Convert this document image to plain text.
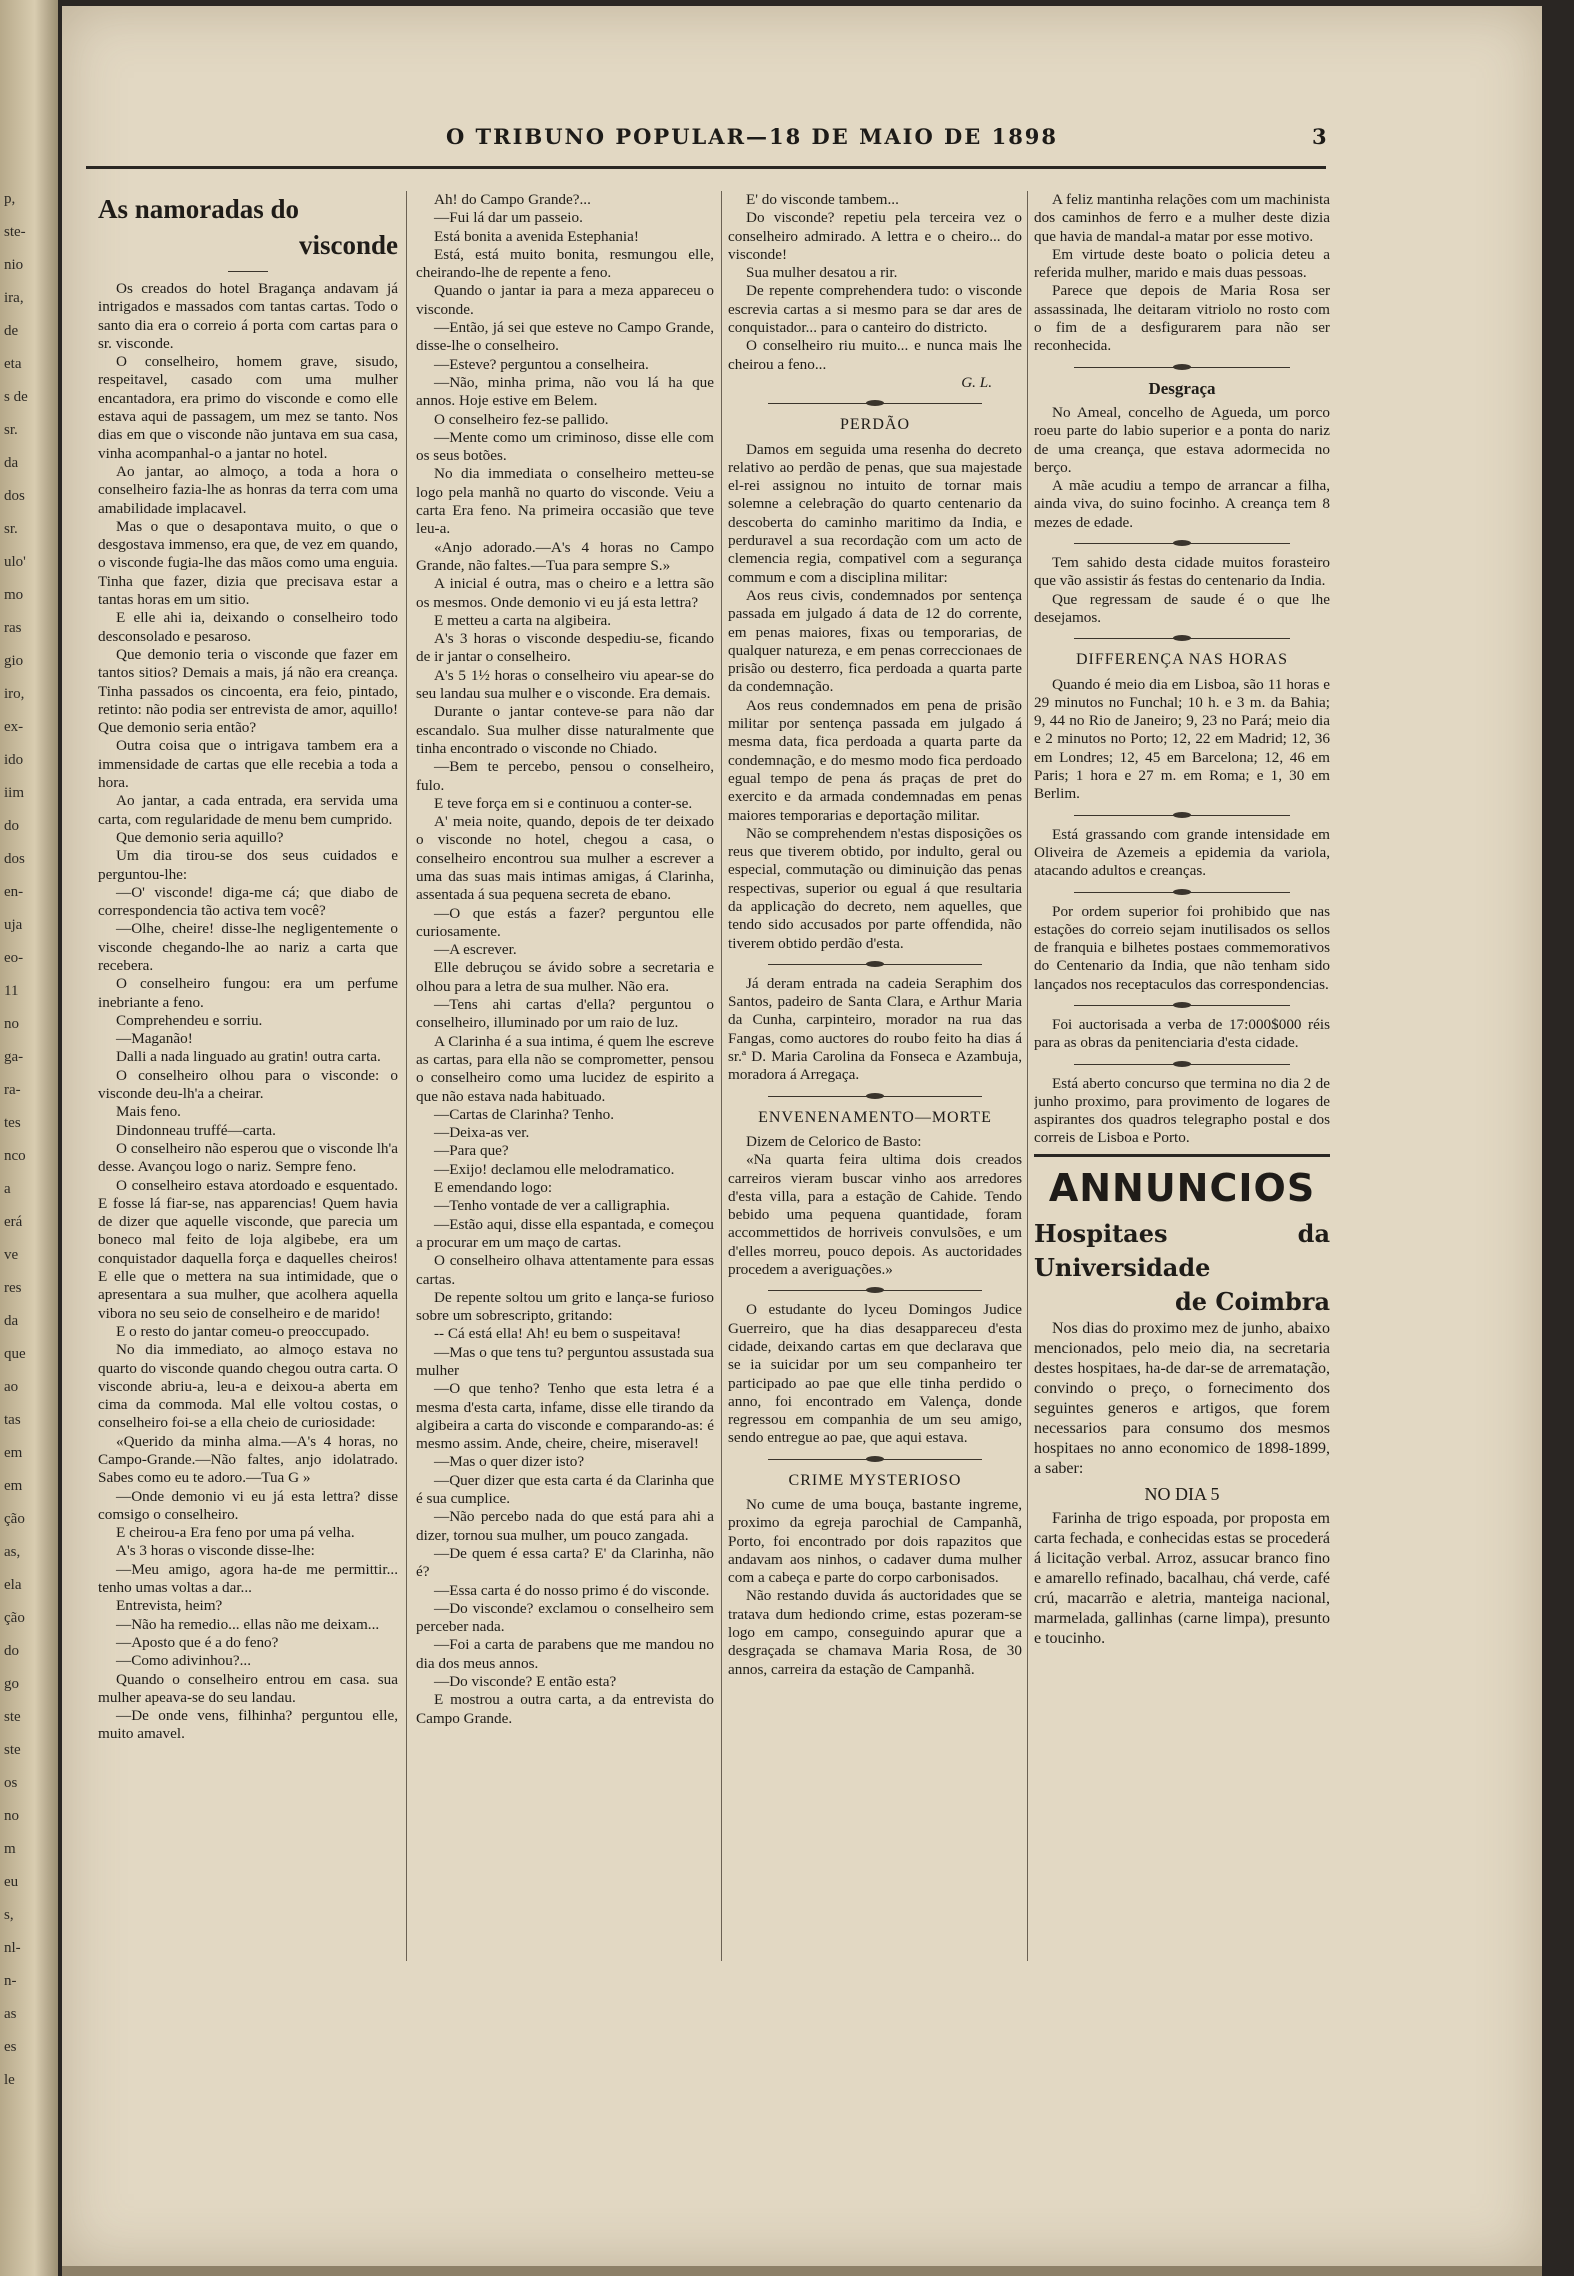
p,
ste-
nio
ira,
de
eta
s de
sr.
da
dos
sr.
ulo'
mo
ras
gio
iro,
ex-
ido
iim
do
dos
en-
uja
eo-
11
no
ga-
ra-
tes
nco
a
erá
ve
res
da
que
ao
tas
em
em
ção
as,
ela
ção
do
go
ste
ste
os
no
m
eu
s,
nl-
n-
as
es
le
O TRIBUNO POPULAR—18 DE MAIO DE 1898	3

As namoradas do

visconde

Os creados do hotel Bragança andavam já intrigados e massados com tantas cartas. Todo o santo dia era o correio á porta com cartas para o sr. visconde.

O conselheiro, homem grave, sisudo, respeitavel, casado com uma mulher encantadora, era primo do visconde e como elle estava aqui de passagem, um mez se tanto. Nos dias em que o visconde não juntava em sua casa, vinha acompanhal-o a jantar no hotel.

Ao jantar, ao almoço, a toda a hora o conselheiro fazia-lhe as honras da terra com uma amabilidade implacavel.

Mas o que o desapontava muito, o que o desgostava immenso, era que, de vez em quando, o visconde fugia-lhe das mãos como uma enguia. Tinha que fazer, dizia que precisava estar a tantas horas em um sitio.

E elle ahi ia, deixando o conselheiro todo desconsolado e pesaroso.

Que demonio teria o visconde que fazer em tantos sitios? Demais a mais, já não era creança. Tinha passados os cincoenta, era feio, pintado, retinto: não podia ser entrevista de amor, aquillo! Que demonio seria então?

Outra coisa que o intrigava tambem era a immensidade de cartas que elle recebia a toda a hora.

Ao jantar, a cada entrada, era servida uma carta, com regularidade de menu bem cumprido.

Que demonio seria aquillo?

Um dia tirou-se dos seus cuidados e perguntou-lhe:

—O' visconde! diga-me cá; que diabo de correspondencia tão activa tem você?

—Olhe, cheire! disse-lhe negligentemente o visconde chegando-lhe ao nariz a carta que recebera.

O conselheiro fungou: era um perfume inebriante a feno.

Comprehendeu e sorriu.

—Maganão!

Dalli a nada linguado au gratin! outra carta.

O conselheiro olhou para o visconde: o visconde deu-lh'a a cheirar.

Mais feno.

Dindonneau truffé—carta.

O conselheiro não esperou que o visconde lh'a desse. Avançou logo o nariz. Sempre feno.

O conselheiro estava atordoado e esquentado. E fosse lá fiar-se, nas apparencias! Quem havia de dizer que aquelle visconde, que parecia um boneco mal feito de loja algibebe, era um conquistador daquella força e daquelles cheiros! E elle que o mettera na sua intimidade, que o apresentara a sua mulher, que acolhera aquella vibora no seu seio de conselheiro e de marido!

E o resto do jantar comeu-o preoccupado.

No dia immediato, ao almoço estava no quarto do visconde quando chegou outra carta. O visconde abriu-a, leu-a e deixou-a aberta em cima da commoda. Mal elle voltou costas, o conselheiro foi-se a ella cheio de curiosidade:

«Querido da minha alma.—A's 4 horas, no Campo-Grande.—Não faltes, anjo idolatrado. Sabes como eu te adoro.—Tua G »

—Onde demonio vi eu já esta lettra? disse comsigo o conselheiro.

E cheirou-a Era feno por uma pá velha.

A's 3 horas o visconde disse-lhe:

—Meu amigo, agora ha-de me permittir... tenho umas voltas a dar...

Entrevista, heim?

—Não ha remedio... ellas não me deixam...

—Aposto que é a do feno?

—Como adivinhou?...

Quando o conselheiro entrou em casa. sua mulher apeava-se do seu landau.

—De onde vens, filhinha? perguntou elle, muito amavel.

Ah! do Campo Grande?...

—Fui lá dar um passeio.

Está bonita a avenida Estephania!

Está, está muito bonita, resmungou elle, cheirando-lhe de repente a feno.

Quando o jantar ia para a meza appareceu o visconde.

—Então, já sei que esteve no Campo Grande, disse-lhe o conselheiro.

—Esteve? perguntou a conselheira.

—Não, minha prima, não vou lá ha que annos. Hoje estive em Belem.

O conselheiro fez-se pallido.

—Mente como um criminoso, disse elle com os seus botões.

No dia immediata o conselheiro metteu-se logo pela manhã no quarto do visconde. Veiu a carta Era feno. Na primeira occasião que teve leu-a.

«Anjo adorado.—A's 4 horas no Campo Grande, não faltes.—Tua para sempre S.»

A inicial é outra, mas o cheiro e a lettra são os mesmos. Onde demonio vi eu já esta lettra?

E metteu a carta na algibeira.

A's 3 horas o visconde despediu-se, ficando de ir jantar o conselheiro.

A's 5 1½ horas o conselheiro viu apear-se do seu landau sua mulher e o visconde. Era demais.

Durante o jantar conteve-se para não dar escandalo. Sua mulher disse naturalmente que tinha encontrado o visconde no Chiado.

—Bem te percebo, pensou o conselheiro, fulo.

E teve força em si e continuou a conter-se.

A' meia noite, quando, depois de ter deixado o visconde no hotel, chegou a casa, o conselheiro encontrou sua mulher a escrever a uma das suas mais intimas amigas, á Clarinha, assentada á sua pequena secreta de ebano.

—O que estás a fazer? perguntou elle curiosamente.

—A escrever.

Elle debruçou se ávido sobre a secretaria e olhou para a letra de sua mulher. Não era.

—Tens ahi cartas d'ella? perguntou o conselheiro, illuminado por um raio de luz.

A Clarinha é a sua intima, é quem lhe escreve as cartas, para ella não se comprometter, pensou o conselheiro como uma lucidez de espirito a que não estava nada habituado.

—Cartas de Clarinha? Tenho.

—Deixa-as ver.

—Para que?

—Exijo! declamou elle melodramatico.

E emendando logo:

—Tenho vontade de ver a calligraphia.

—Estão aqui, disse ella espantada, e começou a procurar em um maço de cartas.

O conselheiro olhava attentamente para essas cartas.

De repente soltou um grito e lança-se furioso sobre um sobrescripto, gritando:

-- Cá está ella! Ah! eu bem o suspeitava!

—Mas o que tens tu? perguntou assustada sua mulher

—O que tenho? Tenho que esta letra é a mesma d'esta carta, infame, disse elle tirando da algibeira a carta do visconde e comparando-as: é mesmo assim. Ande, cheire, cheire, miseravel!

—Mas o quer dizer isto?

—Quer dizer que esta carta é da Clarinha que é sua cumplice.

—Não percebo nada do que está para ahi a dizer, tornou sua mulher, um pouco zangada.

—De quem é essa carta? E' da Clarinha, não é?

—Essa carta é do nosso primo é do visconde.

—Do visconde? exclamou o conselheiro sem perceber nada.

—Foi a carta de parabens que me mandou no dia dos meus annos.

—Do visconde? E então esta?

E mostrou a outra carta, a da entrevista do Campo Grande.

E' do visconde tambem...

Do visconde? repetiu pela terceira vez o conselheiro admirado. A lettra e o cheiro... do visconde!

Sua mulher desatou a rir.

De repente comprehendera tudo: o visconde escrevia cartas a si mesmo para se dar ares de conquistador... para o canteiro do districto.

O conselheiro riu muito... e nunca mais lhe cheirou a feno...

G. L.

PERDÃO

Damos em seguida uma resenha do decreto relativo ao perdão de penas, que sua majestade el-rei assignou no intuito de tornar mais solemne a celebração do quarto centenario da descoberta do caminho maritimo da India, e perduravel a sua recordação com um acto de clemencia regia, compativel com a segurança commum e com a disciplina militar:

Aos reus civis, condemnados por sentença passada em julgado á data de 12 do corrente, em penas maiores, fixas ou temporarias, de qualquer natureza, e em penas correccionaes de prisão ou desterro, fica perdoada a quarta parte da condemnação.

Aos reus condemnados em pena de prisão militar por sentença passada em julgado á mesma data, fica perdoada a quarta parte da condemnação, e do mesmo modo fica perdoado egual tempo de pena ás praças de pret do exercito e da armada condemnadas em penas maiores temporarias e deportação militar.

Não se comprehendem n'estas disposições os reus que tiverem obtido, por indulto, geral ou especial, commutação ou diminuição das penas respectivas, superior ou egual á que resultaria da applicação do decreto, nem aquelles, que tendo sido accusados por parte offendida, não tiverem obtido perdão d'esta.

Já deram entrada na cadeia Seraphim dos Santos, padeiro de Santa Clara, e Arthur Maria da Cunha, carpinteiro, morador na rua das Fangas, como auctores do roubo feito ha dias á sr.ª D. Maria Carolina da Fonseca e Azambuja, moradora á Arregaça.

ENVENENAMENTO—MORTE

Dizem de Celorico de Basto:

«Na quarta feira ultima dois creados carreiros vieram buscar vinho aos arredores d'esta villa, para a estação de Cahide. Tendo bebido uma pequena quantidade, foram accommettidos de horriveis convulsões, e um d'elles morreu, pouco depois. As auctoridades procedem a averiguações.»

O estudante do lyceu Domingos Judice Guerreiro, que ha dias desappareceu d'esta cidade, deixando cartas em que declarava que se ia suicidar por um seu companheiro ter participado ao pae que elle tinha perdido o anno, foi encontrado em Valença, donde regressou em companhia de um seu amigo, sendo entregue ao pae, que aqui estava.

CRIME MYSTERIOSO

No cume de uma bouça, bastante ingreme, proximo da egreja parochial de Campanhã, Porto, foi encontrado por dois rapazitos que andavam aos ninhos, o cadaver duma mulher com a cabeça e parte do corpo carbonisados.

Não restando duvida ás auctoridades que se tratava dum hediondo crime, estas pozeram-se logo em campo, conseguindo apurar que a desgraçada se chamava Maria Rosa, de 30 annos, carreira da estação de Campanhã.

A feliz mantinha relações com um machinista dos caminhos de ferro e a mulher deste dizia que havia de mandal-a matar por esse motivo.

Em virtude deste boato o policia deteu a referida mulher, marido e mais duas pessoas.

Parece que depois de Maria Rosa ser assassinada, lhe deitaram vitriolo no rosto com o fim de a desfigurarem para não ser reconhecida.

Desgraça

No Ameal, concelho de Agueda, um porco roeu parte do labio superior e a ponta do nariz de uma creança, que estava adormecida no berço.

A mãe acudiu a tempo de arrancar a filha, ainda viva, do suino focinho. A creança tem 8 mezes de edade.

Tem sahido desta cidade muitos forasteiro que vão assistir ás festas do centenario da India.

Que regressam de saude é o que lhe desejamos.

DIFFERENÇA NAS HORAS

Quando é meio dia em Lisboa, são 11 horas e 29 minutos no Funchal; 10 h. e 3 m. da Bahia; 9, 44 no Rio de Janeiro; 9, 23 no Pará; meio dia e 2 minutos no Porto; 12, 22 em Madrid; 12, 36 em Londres; 12, 45 em Barcelona; 12, 46 em Paris; 1 hora e 27 m. em Roma; e 1, 30 em Berlim.

Está grassando com grande intensidade em Oliveira de Azemeis a epidemia da variola, atacando adultos e creanças.

Por ordem superior foi prohibido que nas estações do correio sejam inutilisados os sellos de franquia e bilhetes postaes commemorativos do Centenario da India, que não tenham sido lançados nos receptaculos das correspondencias.

Foi auctorisada a verba de 17:000$000 réis para as obras da penitenciaria d'esta cidade.

Está aberto concurso que termina no dia 2 de junho proximo, para provimento de logares de aspirantes dos quadros telegrapho postal e dos correis de Lisboa e Porto.

ANNUNCIOS

Hospitaes da Universidade

de Coimbra

Nos dias do proximo mez de junho, abaixo mencionados, pelo meio dia, na secretaria destes hospitaes, ha-de dar-se de arrematação, convindo o preço, o fornecimento dos seguintes generos e artigos, que forem necessarios para consumo dos mesmos hospitaes no anno economico de 1898-1899, a saber:

NO DIA 5

Farinha de trigo espoada, por proposta em carta fechada, e conhecidas estas se procederá á licitação verbal. Arroz, assucar branco fino e amarello refinado, bacalhau, chá verde, café crú, macarrão e aletria, manteiga nacional, marmelada, gallinhas (carne limpa), presunto e toucinho.
